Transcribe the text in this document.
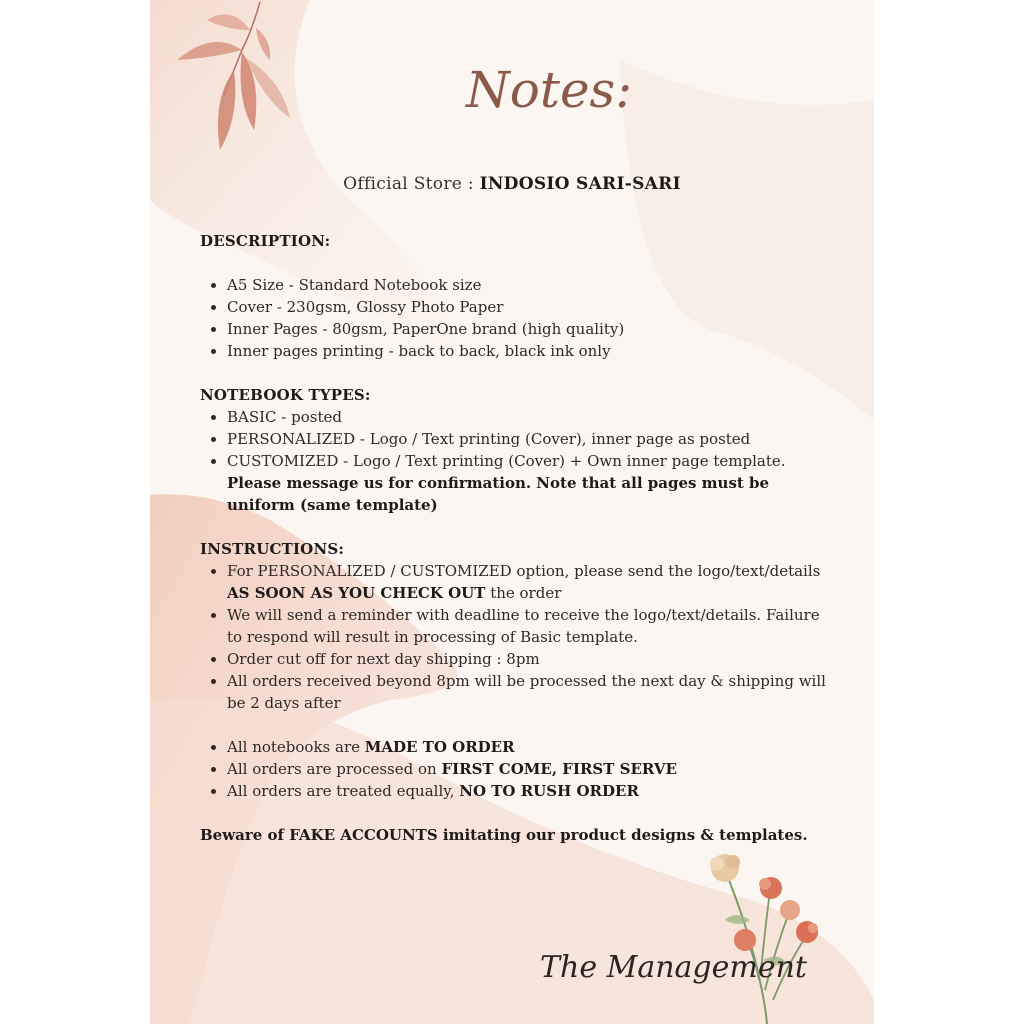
Notes:
Official Store : INDOSIO SARI-SARI
DESCRIPTION:
• A5 Size - Standard Notebook size
• Cover - 230gsm, Glossy Photo Paper
• Inner Pages - 80gsm, PaperOne brand (high quality)
• Inner pages printing - back to back, black ink only
NOTEBOOK TYPES:
• BASIC - posted
• PERSONALIZED - Logo / Text printing (Cover), inner page as posted
• CUSTOMIZED - Logo / Text printing (Cover) + Own inner page template.
Please message us for confirmation. Note that all pages must be uniform (same template)
INSTRUCTIONS:
• For PERSONALIZED / CUSTOMIZED option, please send the logo/text/details
AS SOON AS YOU CHECK OUT the order
• We will send a reminder with deadline to receive the logo/text/details. Failure to respond will result in processing of Basic template.
• Order cut off for next day shipping : 8pm
• All orders received beyond 8pm will be processed the next day & shipping will be 2 days after
• All notebooks are MADE TO ORDER
• All orders are processed on FIRST COME, FIRST SERVE
• All orders are treated equally, NO TO RUSH ORDER
Beware of FAKE ACCOUNTS imitating our product designs & templates.
The Management
